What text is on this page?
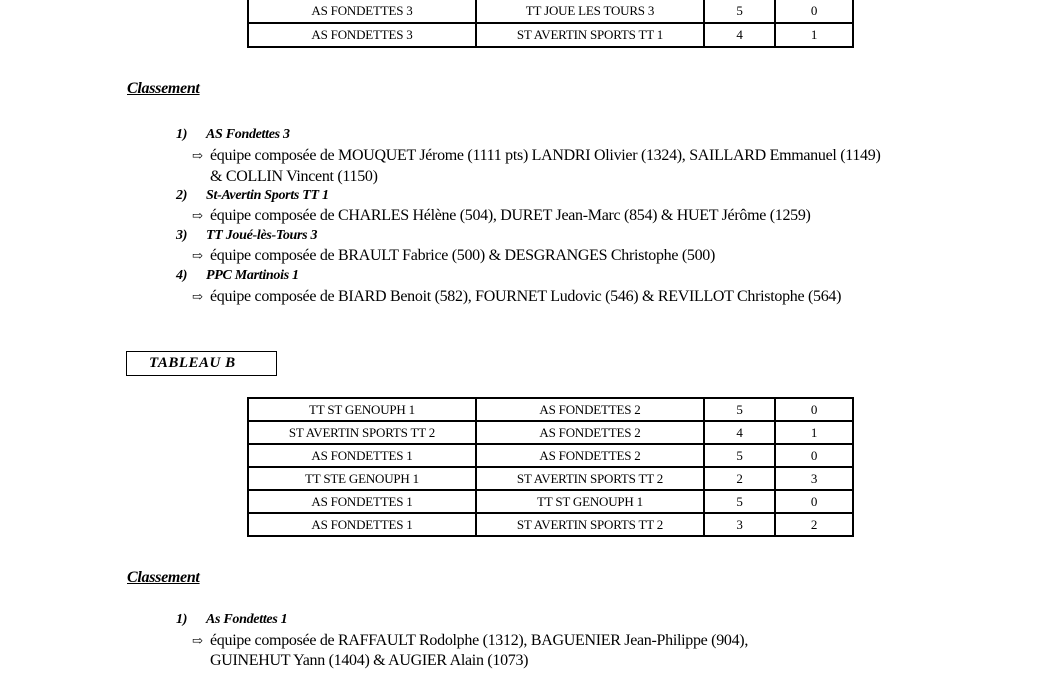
AS FONDETTES 3	TT JOUE LES TOURS 3	5	0
AS FONDETTES 3	ST AVERTIN SPORTS TT 1	4	1
Classement
1) AS Fondettes 3
⇨ équipe composée de MOUQUET Jérome (1111 pts) LANDRI Olivier (1324), SAILLARD Emmanuel (1149)
& COLLIN Vincent (1150)
2) St-Avertin Sports TT 1
⇨ équipe composée de CHARLES Hélène (504), DURET Jean-Marc (854) & HUET Jérôme (1259)
3) TT Joué-lès-Tours 3
⇨ équipe composée de BRAULT Fabrice (500) & DESGRANGES Christophe (500)
4) PPC Martinois 1
⇨ équipe composée de BIARD Benoit (582), FOURNET Ludovic (546) & REVILLOT Christophe (564)
TABLEAU B
TT ST GENOUPH 1	AS FONDETTES 2	5	0
ST AVERTIN SPORTS TT 2	AS FONDETTES 2	4	1
AS FONDETTES 1	AS FONDETTES 2	5	0
TT STE GENOUPH 1	ST AVERTIN SPORTS TT 2	2	3
AS FONDETTES 1	TT ST GENOUPH 1	5	0
AS FONDETTES 1	ST AVERTIN SPORTS TT 2	3	2
Classement
1) As Fondettes 1
⇨ équipe composée de RAFFAULT Rodolphe (1312), BAGUENIER Jean-Philippe (904),
GUINEHUT Yann (1404) & AUGIER Alain (1073)
